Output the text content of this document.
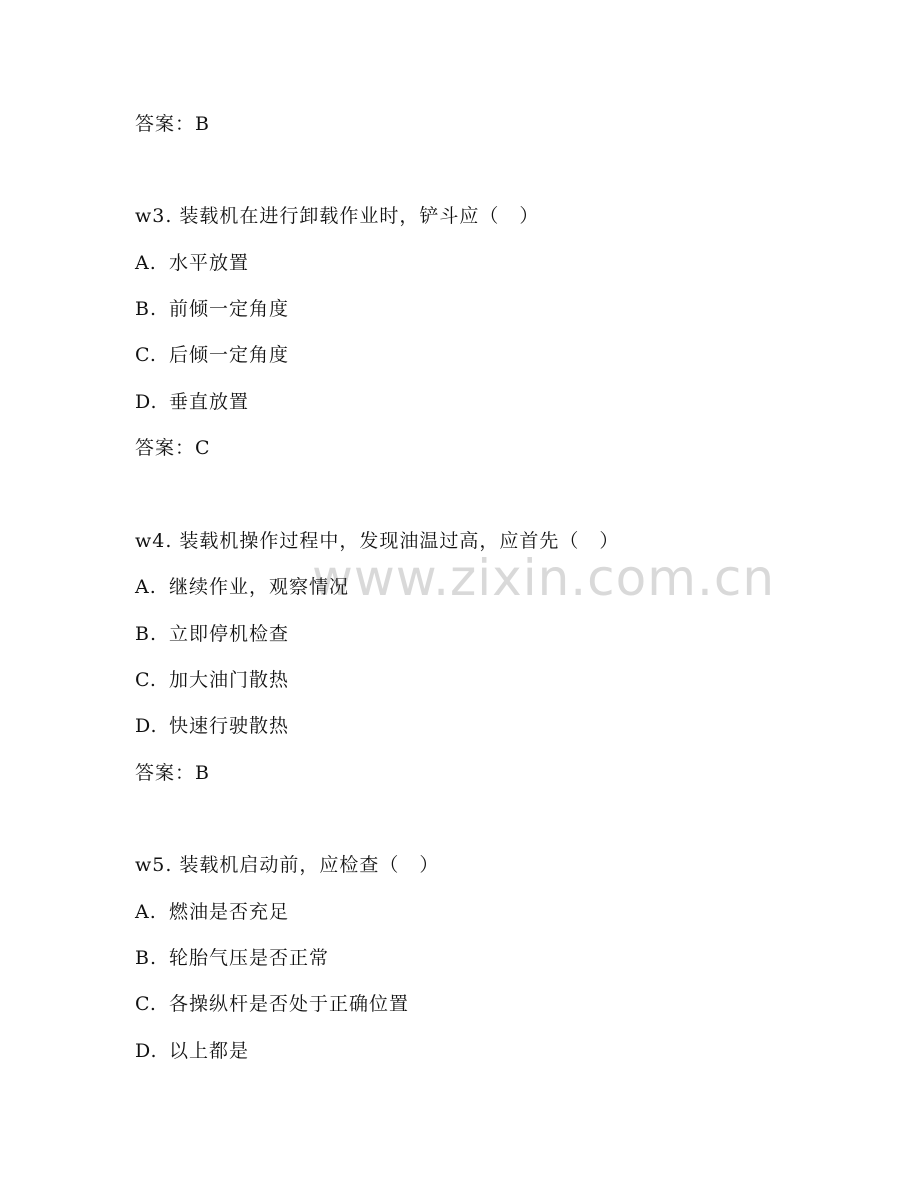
www.zixin.com.cn
答案：B
w3. 装载机在进行卸载作业时，铲斗应（　）
A. 水平放置
B. 前倾一定角度
C. 后倾一定角度
D. 垂直放置
答案：C
w4. 装载机操作过程中，发现油温过高，应首先（　）
A. 继续作业，观察情况
B. 立即停机检查
C. 加大油门散热
D. 快速行驶散热
答案：B
w5. 装载机启动前，应检查（　）
A. 燃油是否充足
B. 轮胎气压是否正常
C. 各操纵杆是否处于正确位置
D. 以上都是
